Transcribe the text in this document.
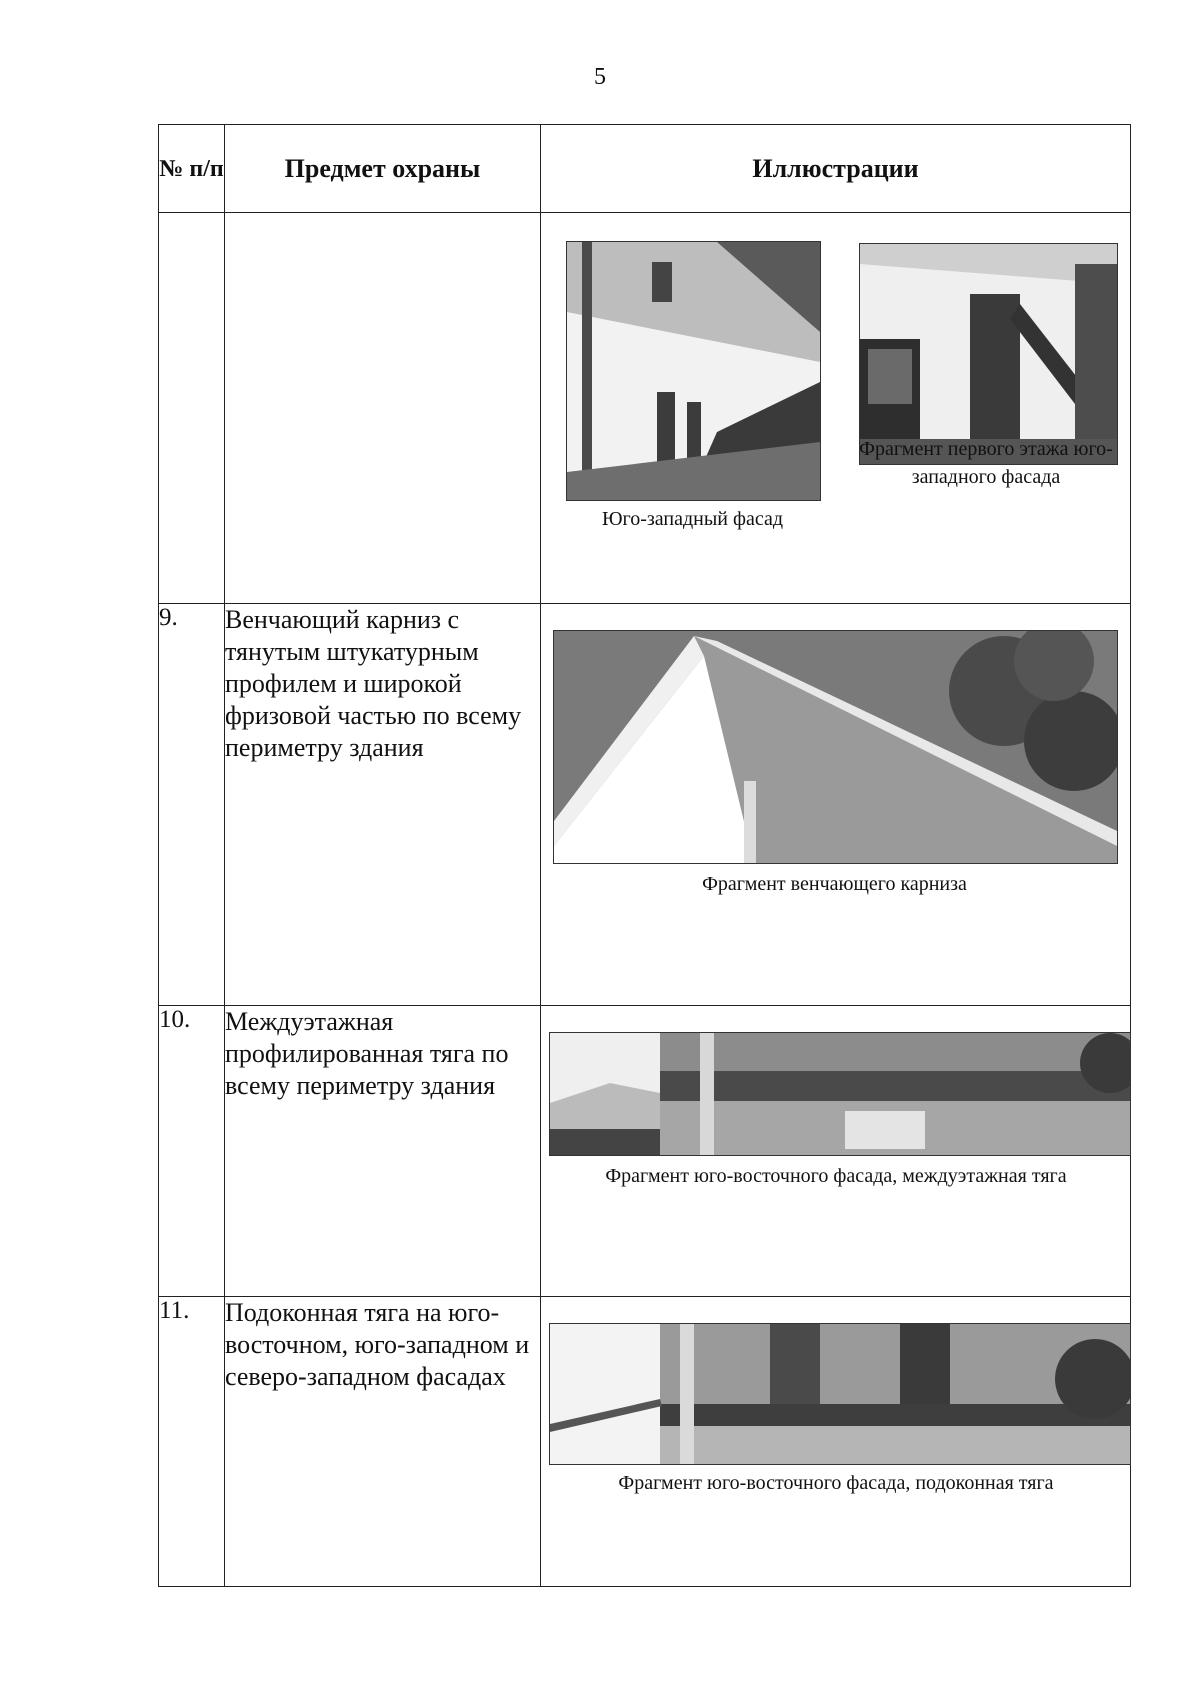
5
№ п/п	Предмет охраны	Иллюстрации

		Юго-западный фасад
Фрагмент первого этажа юго-западного фасада

9.	Венчающий карниз с тянутым штукатурным профилем и широкой фризовой частью по всему периметру здания	Фрагмент венчающего карниза

10.	Междуэтажная профилированная тяга по всему периметру здания	Фрагмент юго-восточного фасада, междуэтажная тяга

11.	Подоконная тяга на юго-восточном, юго-западном и северо-западном фасадах	Фрагмент юго-восточного фасада, подоконная тяга
